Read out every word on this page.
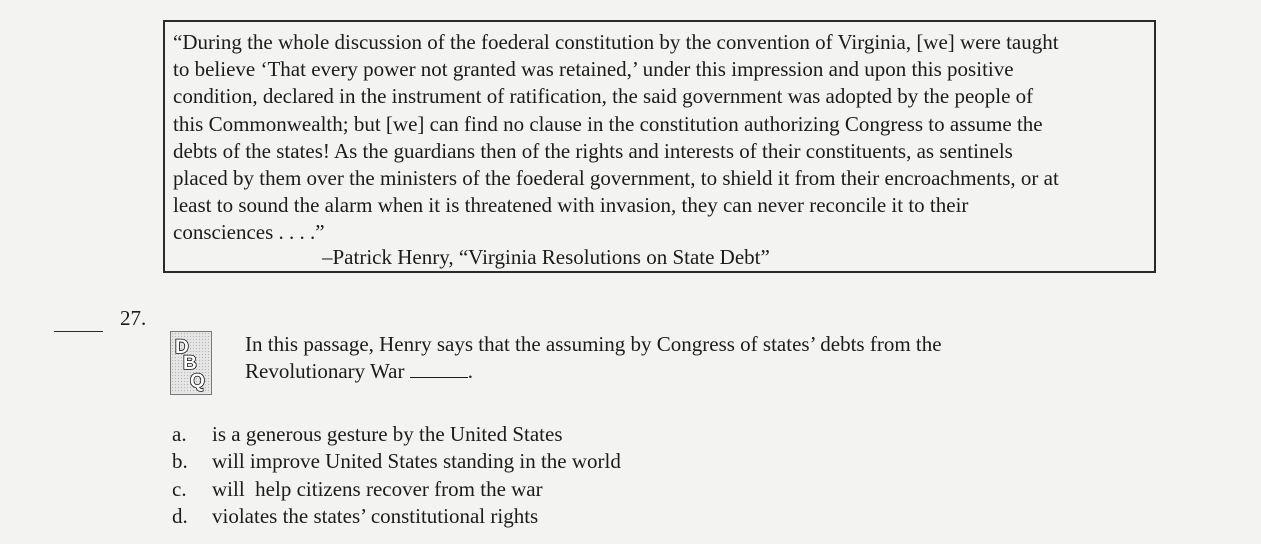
“During the whole discussion of the foederal constitution by the convention of Virginia, [we] were taught

to believe ‘That every power not granted was retained,’ under this impression and upon this positive

condition, declared in the instrument of ratification, the said government was adopted by the people of

this Commonwealth; but [we] can find no clause in the constitution authorizing Congress to assume the

debts of the states! As the guardians then of the rights and interests of their constituents, as sentinels

placed by them over the ministers of the foederal government, to shield it from their encroachments, or at

least to sound the alarm when it is threatened with invasion, they can never reconcile it to their

consciences . . . .”

–Patrick Henry, “Virginia Resolutions on State Debt”

27.
D
B
Q

In this passage, Henry says that the assuming by Congress of states’ debts from the

Revolutionary War	.

a. is a generous gesture by the United States
b. will improve United States standing in the world
c. will  help citizens recover from the war
d. violates the states’ constitutional rights
